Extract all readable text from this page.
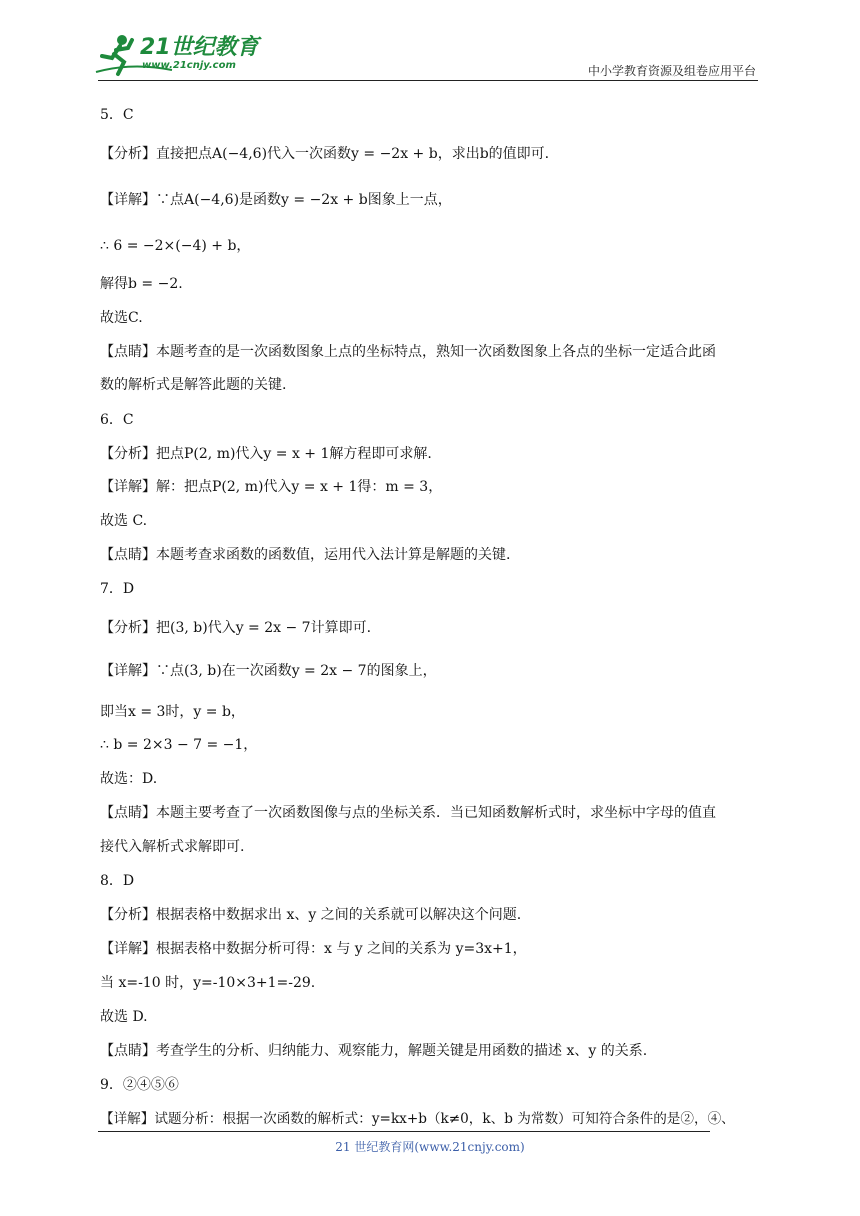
21世纪教育
www.21cnjy.com	中小学教育资源及组卷应用平台
5．C
【分析】直接把点A(−4,6)代入一次函数y = −2x + b，求出b的值即可.
【详解】∵点A(−4,6)是函数y = −2x + b图象上一点，
∴ 6 = −2×(−4) + b，
解得b = −2.
故选C.
【点睛】本题考查的是一次函数图象上点的坐标特点，熟知一次函数图象上各点的坐标一定适合此函
数的解析式是解答此题的关键.
6．C
【分析】把点P(2, m)代入y = x + 1解方程即可求解.
【详解】解：把点P(2, m)代入y = x + 1得：m = 3，
故选 C.
【点睛】本题考查求函数的函数值，运用代入法计算是解题的关键.
7．D
【分析】把(3, b)代入y = 2x − 7计算即可.
【详解】∵点(3, b)在一次函数y = 2x − 7的图象上，
即当x = 3时，y = b，
∴ b = 2×3 − 7 = −1，
故选：D.
【点睛】本题主要考查了一次函数图像与点的坐标关系．当已知函数解析式时，求坐标中字母的值直
接代入解析式求解即可.
8．D
【分析】根据表格中数据求出 x、y 之间的关系就可以解决这个问题.
【详解】根据表格中数据分析可得：x 与 y 之间的关系为 y=3x+1，
当 x=-10 时，y=-10×3+1=-29.
故选 D.
【点睛】考查学生的分析、归纳能力、观察能力，解题关键是用函数的描述 x、y 的关系.
9．②④⑤⑥
【详解】试题分析：根据一次函数的解析式：y=kx+b（k≠0，k、b 为常数）可知符合条件的是②，④、
21 世纪教育网(www.21cnjy.com)
